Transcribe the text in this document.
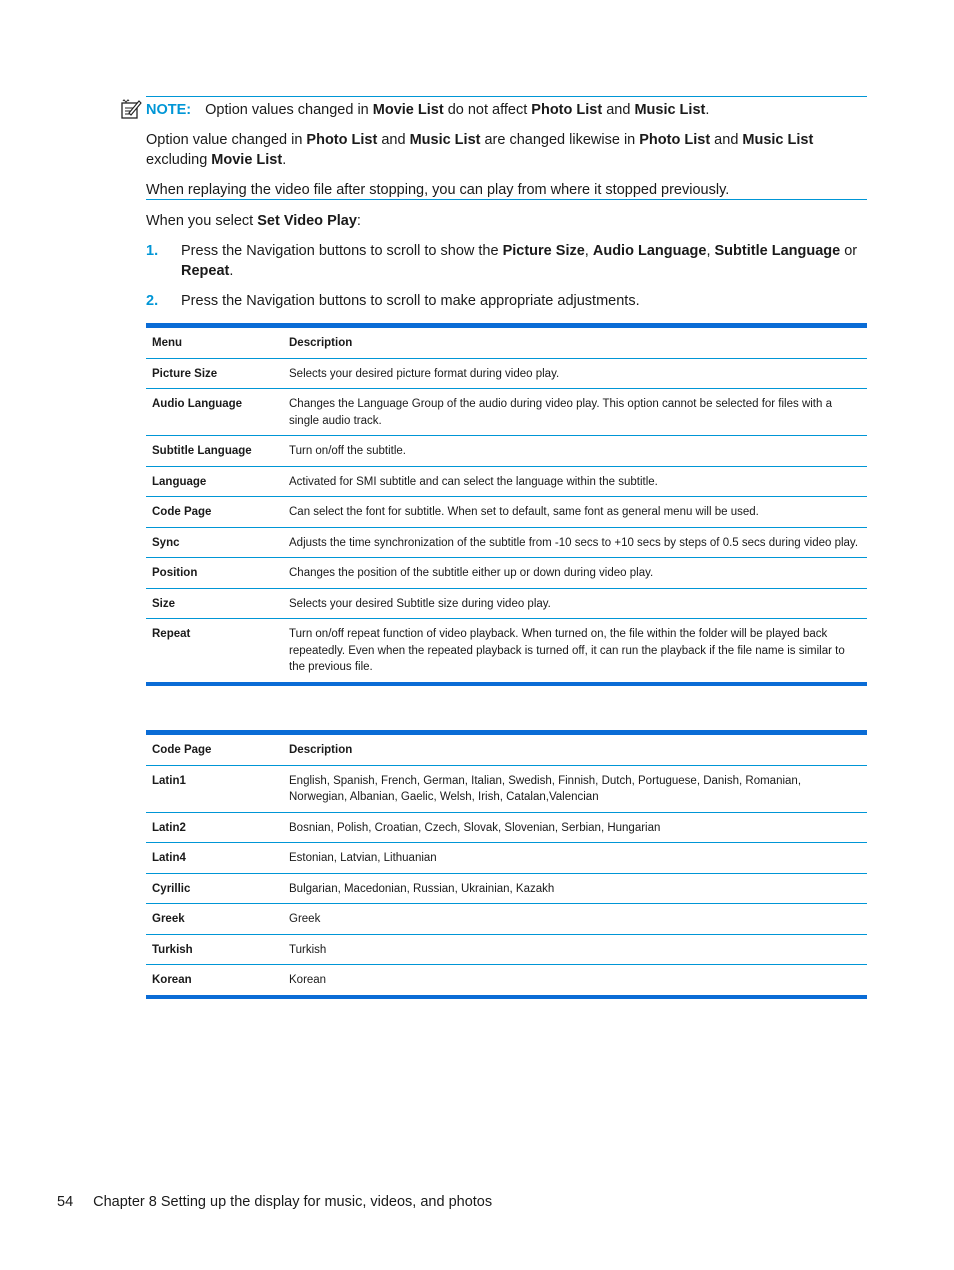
NOTE: Option values changed in Movie List do not affect Photo List and Music List.
Option value changed in Photo List and Music List are changed likewise in Photo List and Music List excluding Movie List.
When replaying the video file after stopping, you can play from where it stopped previously.
When you select Set Video Play:
1. Press the Navigation buttons to scroll to show the Picture Size, Audio Language, Subtitle Language or Repeat.
2. Press the Navigation buttons to scroll to make appropriate adjustments.
Menu	Description
Picture Size	Selects your desired picture format during video play.
Audio Language	Changes the Language Group of the audio during video play. This option cannot be selected for files with a single audio track.
Subtitle Language	Turn on/off the subtitle.
Language	Activated for SMI subtitle and can select the language within the subtitle.
Code Page	Can select the font for subtitle. When set to default, same font as general menu will be used.
Sync	Adjusts the time synchronization of the subtitle from -10 secs to +10 secs by steps of 0.5 secs during video play.
Position	Changes the position of the subtitle either up or down during video play.
Size	Selects your desired Subtitle size during video play.
Repeat	Turn on/off repeat function of video playback. When turned on, the file within the folder will be played back repeatedly. Even when the repeated playback is turned off, it can run the playback if the file name is similar to the previous file.
Code Page	Description
Latin1	English, Spanish, French, German, Italian, Swedish, Finnish, Dutch, Portuguese, Danish, Romanian, Norwegian, Albanian, Gaelic, Welsh, Irish, Catalan,Valencian
Latin2	Bosnian, Polish, Croatian, Czech, Slovak, Slovenian, Serbian, Hungarian
Latin4	Estonian, Latvian, Lithuanian
Cyrillic	Bulgarian, Macedonian, Russian, Ukrainian, Kazakh
Greek	Greek
Turkish	Turkish
Korean	Korean
54 Chapter 8 Setting up the display for music, videos, and photos
